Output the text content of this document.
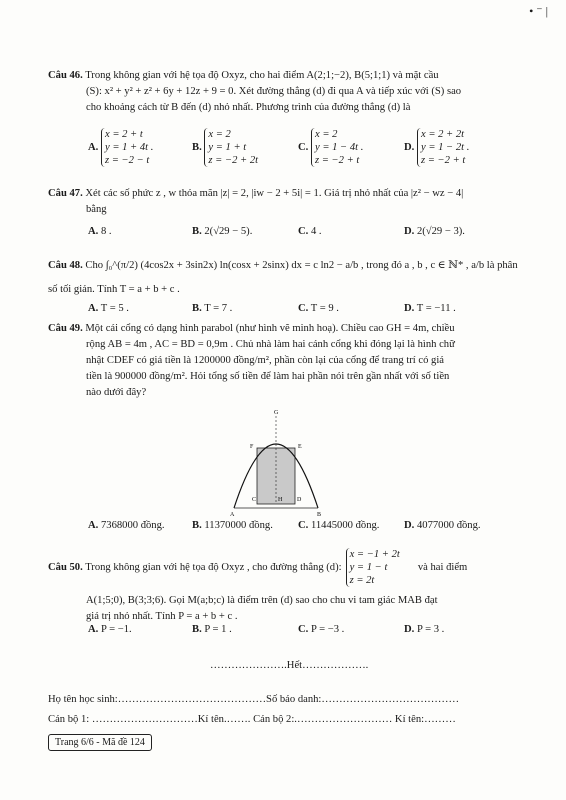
• ⁻ |
Câu 46. Trong không gian với hệ tọa độ Oxyz, cho hai điểm A(2;1;−2), B(5;1;1) và mặt cầu
(S): x² + y² + z² + 6y + 12z + 9 = 0. Xét đường thẳng (d) đi qua A và tiếp xúc với (S) sao
cho khoảng cách từ B đến (d) nhỏ nhất. Phương trình của đường thẳng (d) là
A.
x = 2 + t
y = 1 + 4t .
z = −2 − t
B.
x = 2
y = 1 + t
z = −2 + 2t
C.
x = 2
y = 1 − 4t .
z = −2 + t
D.
x = 2 + 2t
y = 1 − 2t .
z = −2 + t
Câu 47. Xét các số phức z , w thỏa mãn |z| = 2, |iw − 2 + 5i| = 1. Giá trị nhỏ nhất của |z² − wz − 4|
bằng
A. 8 .	B. 2(√29 − 5).	C. 4 .	D. 2(√29 − 3).
Câu 48. Cho ∫₀^(π/2) (4cos2x + 3sin2x) ln(cosx + 2sinx) dx = c ln2 − a/b , trong đó a , b , c ∈ ℕ* , a/b là phân
số tối giản. Tính T = a + b + c .
A. T = 5 .	B. T = 7 .	C. T = 9 .	D. T = −11 .
Câu 49. Một cái cổng có dạng hình parabol (như hình vẽ minh hoạ). Chiều cao GH = 4m, chiều
rộng AB = 4m , AC = BD = 0,9m . Chủ nhà làm hai cánh cổng khi đóng lại là hình chữ
nhật CDEF có giá tiền là 1200000 đồng/m², phần còn lại của cổng để trang trí có giá
tiền là 900000 đồng/m². Hỏi tổng số tiền để làm hai phần nói trên gần nhất với số tiền
nào dưới đây?
G
F	E
C	H D
A	B
A. 7368000 đồng.	B. 11370000 đồng. C. 11445000 đồng. D. 4077000 đồng.
Câu 50. Trong không gian với hệ tọa độ Oxyz , cho đường thẳng (d):
x = −1 + 2t
y = 1 − t
z = 2t
và hai điểm
A(1;5;0), B(3;3;6). Gọi M(a;b;c) là điểm trên (d) sao cho chu vi tam giác MAB đạt
giá trị nhỏ nhất. Tính P = a + b + c .
A. P = −1.	B. P = 1 .	C. P = −3 .	D. P = 3 .
………………….Hết……………….
Họ tên học sinh:……………………………………Số báo danh:…………………………………
Cán bộ 1: …………………………Kí tên.……. Cán bộ 2:.……………………… Kí tên:………
Trang 6/6 - Mã đề 124
